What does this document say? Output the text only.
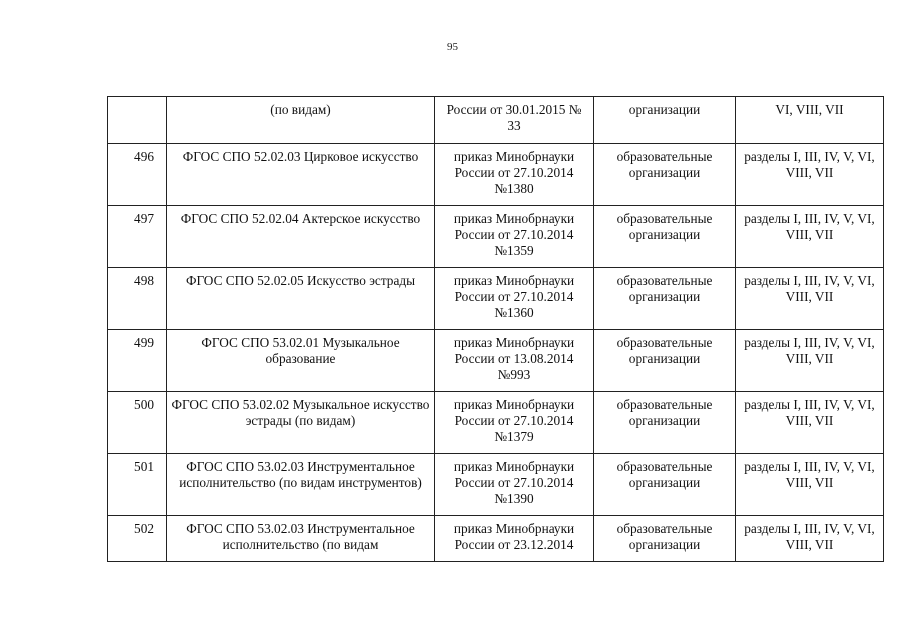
95
	(по видам)	России от 30.01.2015 №
33	организации	VI, VIII, VII
496	ФГОС СПО 52.02.03 Цирковое искусство	приказ Минобрнауки
России от 27.10.2014
№1380	образовательные организации	разделы I, III, IV, V, VI, VIII, VII
497	ФГОС СПО 52.02.04 Актерское искусство	приказ Минобрнауки
России от 27.10.2014
№1359	образовательные организации	разделы I, III, IV, V, VI, VIII, VII
498	ФГОС СПО 52.02.05 Искусство эстрады	приказ Минобрнауки
России от 27.10.2014
№1360	образовательные организации	разделы I, III, IV, V, VI, VIII, VII
499	ФГОС СПО 53.02.01 Музыкальное образование	приказ Минобрнауки
России от 13.08.2014
№993	образовательные организации	разделы I, III, IV, V, VI, VIII, VII
500	ФГОС СПО 53.02.02 Музыкальное искусство эстрады (по видам)	приказ Минобрнауки
России от 27.10.2014
№1379	образовательные организации	разделы I, III, IV, V, VI, VIII, VII
501	ФГОС СПО 53.02.03 Инструментальное исполнительство (по видам инструментов)	приказ Минобрнауки
России от 27.10.2014
№1390	образовательные организации	разделы I, III, IV, V, VI, VIII, VII
502	ФГОС СПО 53.02.03 Инструментальное исполнительство (по видам	приказ Минобрнауки
России от 23.12.2014	образовательные организации	разделы I, III, IV, V, VI, VIII, VII
